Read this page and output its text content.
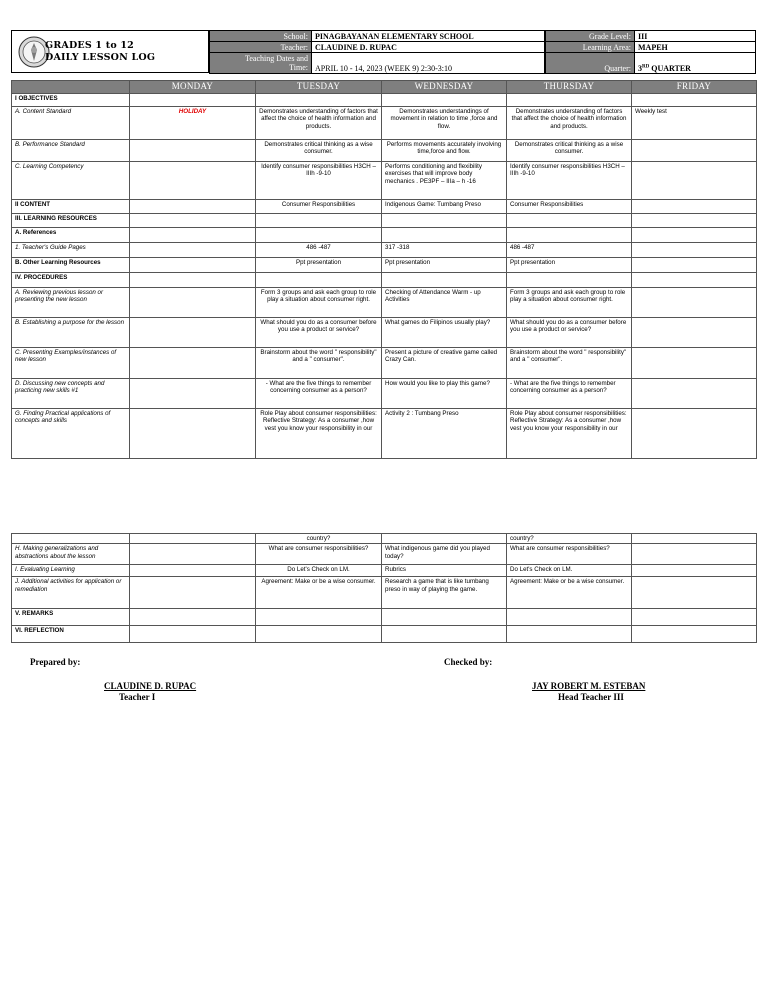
GRADES 1 to 12
DAILY LESSON LOG
School:	PINAGBAYANAN ELEMENTARY SCHOOL
Teacher:	CLAUDINE D. RUPAC

Teaching Dates and
Time:	APRIL 10 - 14, 2023 (WEEK 9) 2:30-3:10
Grade Level:	III
Learning Area:	MAPEH
Quarter:	3RD QUARTER
	MONDAY	TUESDAY	WEDNESDAY	THURSDAY	FRIDAY
I OBJECTIVES					
A. Content Standard	HOLIDAY	Demonstrates understanding of factors that affect the choice of health information and products.	Demonstrates understandings of movement in relation to time ,force and flow.	Demonstrates understanding of factors that affect the choice of health information and products.	Weekly test
B. Performance Standard		Demonstrates critical thinking as a wise consumer.	Performs movements accurately involving time,force and flow.	Demonstrates critical thinking as a wise consumer.	
C. Learning Competency		Identify consumer responsibilities H3CH – IIIh -9-10	Performs conditioning and flexibility exercises that will improve body mechanics . PE3PF – IIIa – h -16	Identify consumer responsibilities H3CH – IIIh -9-10	
II CONTENT		Consumer Responsibilities	Indigenous Game: Tumbang Preso	Consumer Responsibilities	
III. LEARNING RESOURCES					
A. References					
1. Teacher's Guide Pages		486 -487	317 -318	486 -487	
B. Other Learning Resources		Ppt presentation	Ppt presentation	Ppt presentation	
IV. PROCEDURES					
A. Reviewing previous lesson or presenting the new lesson		Form 3 groups and ask each group to role play a situation about consumer right.	Checking of Attendance Warm - up Activities	Form 3 groups and ask each group to role play a situation about consumer right.	
B. Establishing a purpose for the lesson		What should you do as a consumer before you use a product or service?	What games do Filipinos usually play?	What should you do as a consumer before you use a product or service?	
C. Presenting Examples/instances of new lesson		Brainstorm about the word " responsibility" and a " consumer".	Present a picture of creative game called Crazy Can.	Brainstorm about the word " responsibility" and a " consumer".	
D. Discussing new concepts and practicing new skills #1		- What are the five things to remember concerning consumer as a person?	How would you like to play this game?	- What are the five things to remember concerning consumer as a person?	
G. Finding Practical applications of concepts and skills		Role Play about consumer responsibilities: Reflective Strategy: As a consumer ,how vest you know your responsibility in our	Activity 2 : Tumbang Preso	Role Play about consumer responsibilities: Reflective Strategy: As a consumer ,how vest you know your responsibility in our	
		country?		country?	
H. Making generalizations and abstractions about the lesson		What are consumer responsibilities?	What indigenous game did you played today?	What are consumer responsibilities?	
I. Evaluating Learning		Do Let's Check on LM.	Rubrics	Do Let's Check on LM.	
J. Additional activities for application or remediation		Agreement: Make or be a wise consumer.	Research a game that is like tumbang preso in way of playing the game.	Agreement: Make or be a wise consumer.	
V. REMARKS					
VI. REFLECTION					
Prepared by:
CLAUDINE D. RUPAC
Teacher I
Checked by:
JAY ROBERT M. ESTEBAN
Head Teacher III
